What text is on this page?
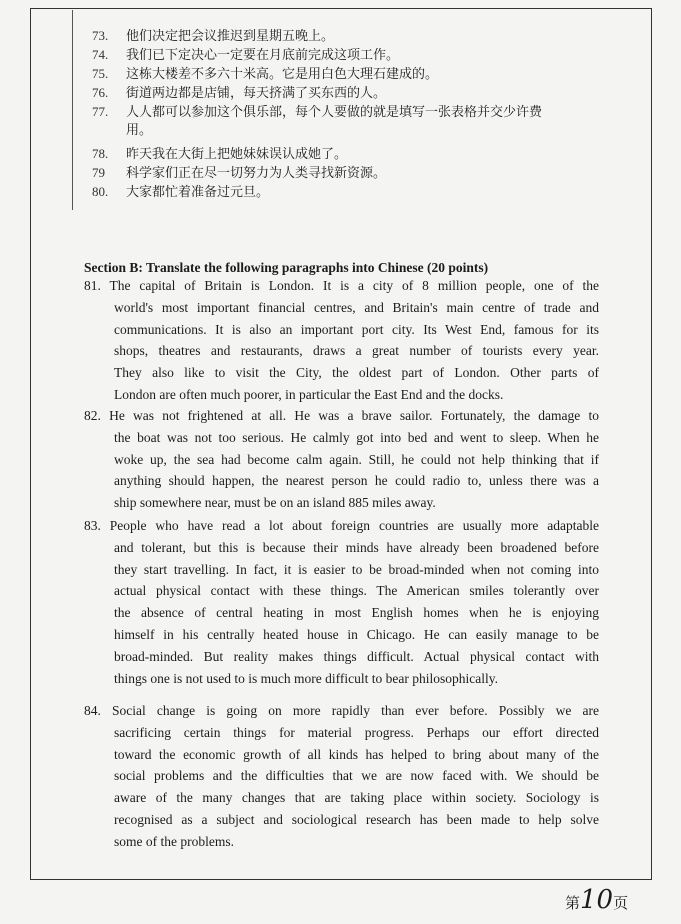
73. 他们决定把会议推迟到星期五晚上。
74. 我们已下定决心一定要在月底前完成这项工作。
75. 这栋大楼差不多六十米高。它是用白色大理石建成的。
76. 街道两边都是店铺，每天挤满了买东西的人。
77. 人人都可以参加这个俱乐部，每个人要做的就是填写一张表格并交少许费
用。
78. 昨天我在大街上把她妹妹误认成她了。
79 科学家们正在尽一切努力为人类寻找新资源。
80. 大家都忙着准备过元旦。
Section B: Translate the following paragraphs into Chinese (20 points)
81. The capital of Britain is London. It is a city of 8 million people, one of the
world's most important financial centres, and Britain's main centre of trade and
communications. It is also an important port city. Its West End, famous for its
shops, theatres and restaurants, draws a great number of tourists every year.
They also like to visit the City, the oldest part of London. Other parts of
London are often much poorer, in particular the East End and the docks.
82. He was not frightened at all. He was a brave sailor. Fortunately, the damage to
the boat was not too serious. He calmly got into bed and went to sleep. When he
woke up, the sea had become calm again. Still, he could not help thinking that if
anything should happen, the nearest person he could radio to, unless there was a
ship somewhere near, must be on an island 885 miles away.
83. People who have read a lot about foreign countries are usually more adaptable
and tolerant, but this is because their minds have already been broadened before
they start travelling. In fact, it is easier to be broad-minded when not coming into
actual physical contact with these things. The American smiles tolerantly over
the absence of central heating in most English homes when he is enjoying
himself in his centrally heated house in Chicago. He can easily manage to be
broad-minded. But reality makes things difficult. Actual physical contact with
things one is not used to is much more difficult to bear philosophically.
84. Social change is going on more rapidly than ever before. Possibly we are
sacrificing certain things for material progress. Perhaps our effort directed
toward the economic growth of all kinds has helped to bring about many of the
social problems and the difficulties that we are now faced with. We should be
aware of the many changes that are taking place within society. Sociology is
recognised as a subject and sociological research has been made to help solve
some of the problems.
第10页
